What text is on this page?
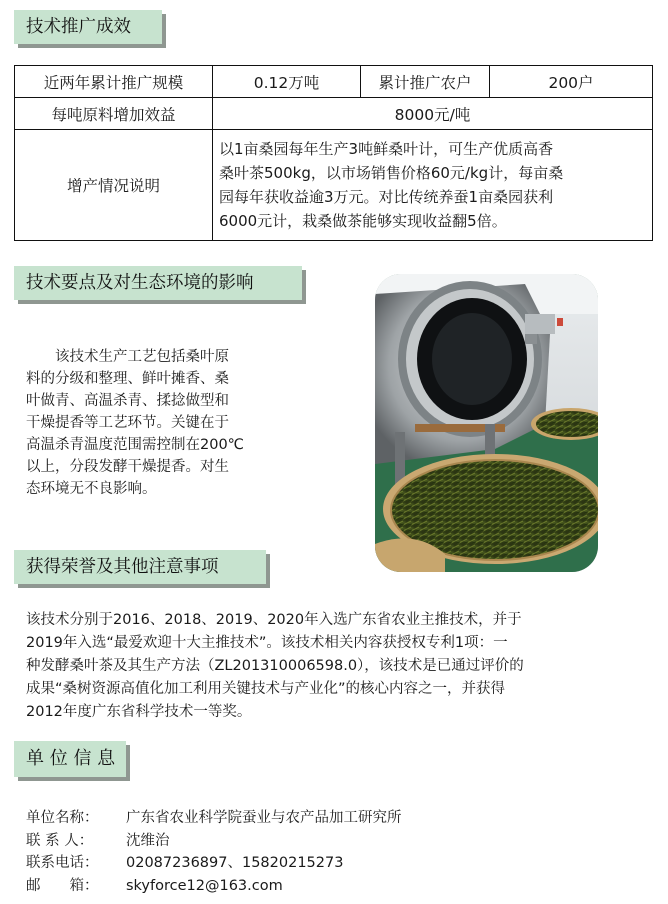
技术推广成效
近两年累计推广规模	0.12万吨	累计推广农户	200户
每吨原料增加效益	8000元/吨		
增产情况说明	以1亩桑园每年生产3吨鲜桑叶计，可生产优质高香
桑叶茶500kg，以市场销售价格60元/kg计，每亩桑
园每年获收益逾3万元。对比传统养蚕1亩桑园获利
6000元计，栽桑做茶能够实现收益翻5倍。		
技术要点及对生态环境的影响
　　该技术生产工艺包括桑叶原
料的分级和整理、鲜叶摊香、桑
叶做青、高温杀青、揉捻做型和
干燥提香等工艺环节。关键在于
高温杀青温度范围需控制在200℃
以上，分段发酵干燥提香。对生
态环境无不良影响。
获得荣誉及其他注意事项
该技术分别于2016、2018、2019、2020年入选广东省农业主推技术，并于
2019年入选“最爱欢迎十大主推技术”。该技术相关内容获授权专利1项：一
种发酵桑叶茶及其生产方法（ZL201310006598.0），该技术是已通过评价的
成果“桑树资源高值化加工利用关键技术与产业化”的核心内容之一，并获得
2012年度广东省科学技术一等奖。
单 位 信 息
单位名称：	广东省农业科学院蚕业与农产品加工研究所
联 系 人：	沈维治
联系电话：	02087236897、15820215273
邮　　箱：	skyforce12@163.com
